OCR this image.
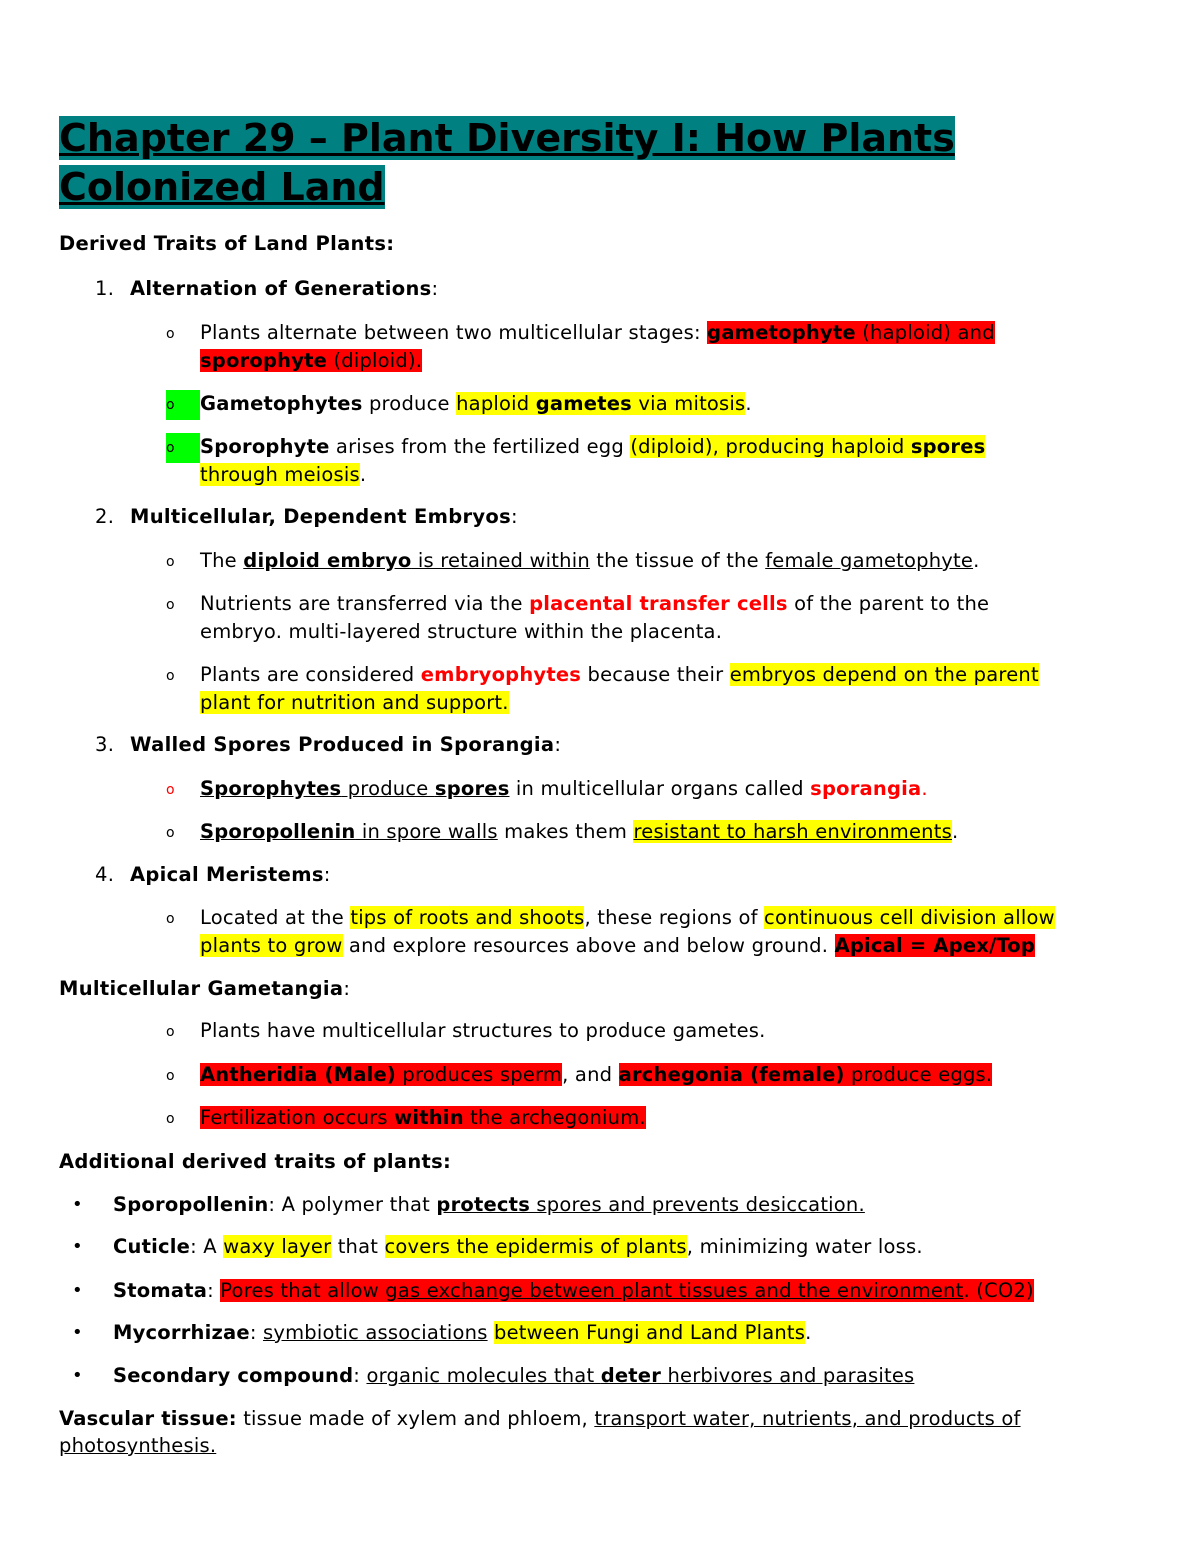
Chapter 29 – Plant Diversity I: How Plants
Colonized Land
Derived Traits of Land Plants:
1. Alternation of Generations:
o	Plants alternate between two multicellular stages: gametophyte (haploid) and
sporophyte (diploid).
o	Gametophytes produce haploid gametes via mitosis.
o	Sporophyte arises from the fertilized egg (diploid), producing haploid spores
through meiosis.
2. Multicellular, Dependent Embryos:
o	The diploid embryo is retained within the tissue of the female gametophyte.
o	Nutrients are transferred via the placental transfer cells of the parent to the
embryo. multi-layered structure within the placenta.
o	Plants are considered embryophytes because their embryos depend on the parent
plant for nutrition and support.
3. Walled Spores Produced in Sporangia:
o	Sporophytes produce spores in multicellular organs called sporangia.
o	Sporopollenin in spore walls makes them resistant to harsh environments.
4. Apical Meristems:
o	Located at the tips of roots and shoots, these regions of continuous cell division allow
plants to grow and explore resources above and below ground. Apical = Apex/Top
Multicellular Gametangia:
o	Plants have multicellular structures to produce gametes.
o	Antheridia (Male) produces sperm, and archegonia (female) produce eggs.
o	Fertilization occurs within the archegonium.
Additional derived traits of plants:
• Sporopollenin: A polymer that protects spores and prevents desiccation.
• Cuticle: A waxy layer that covers the epidermis of plants, minimizing water loss.
• Stomata: Pores that allow gas exchange between plant tissues and the environment. (CO2)
• Mycorrhizae: symbiotic associations between Fungi and Land Plants.
• Secondary compound: organic molecules that deter herbivores and parasites
Vascular tissue: tissue made of xylem and phloem, transport water, nutrients, and products of
photosynthesis.
